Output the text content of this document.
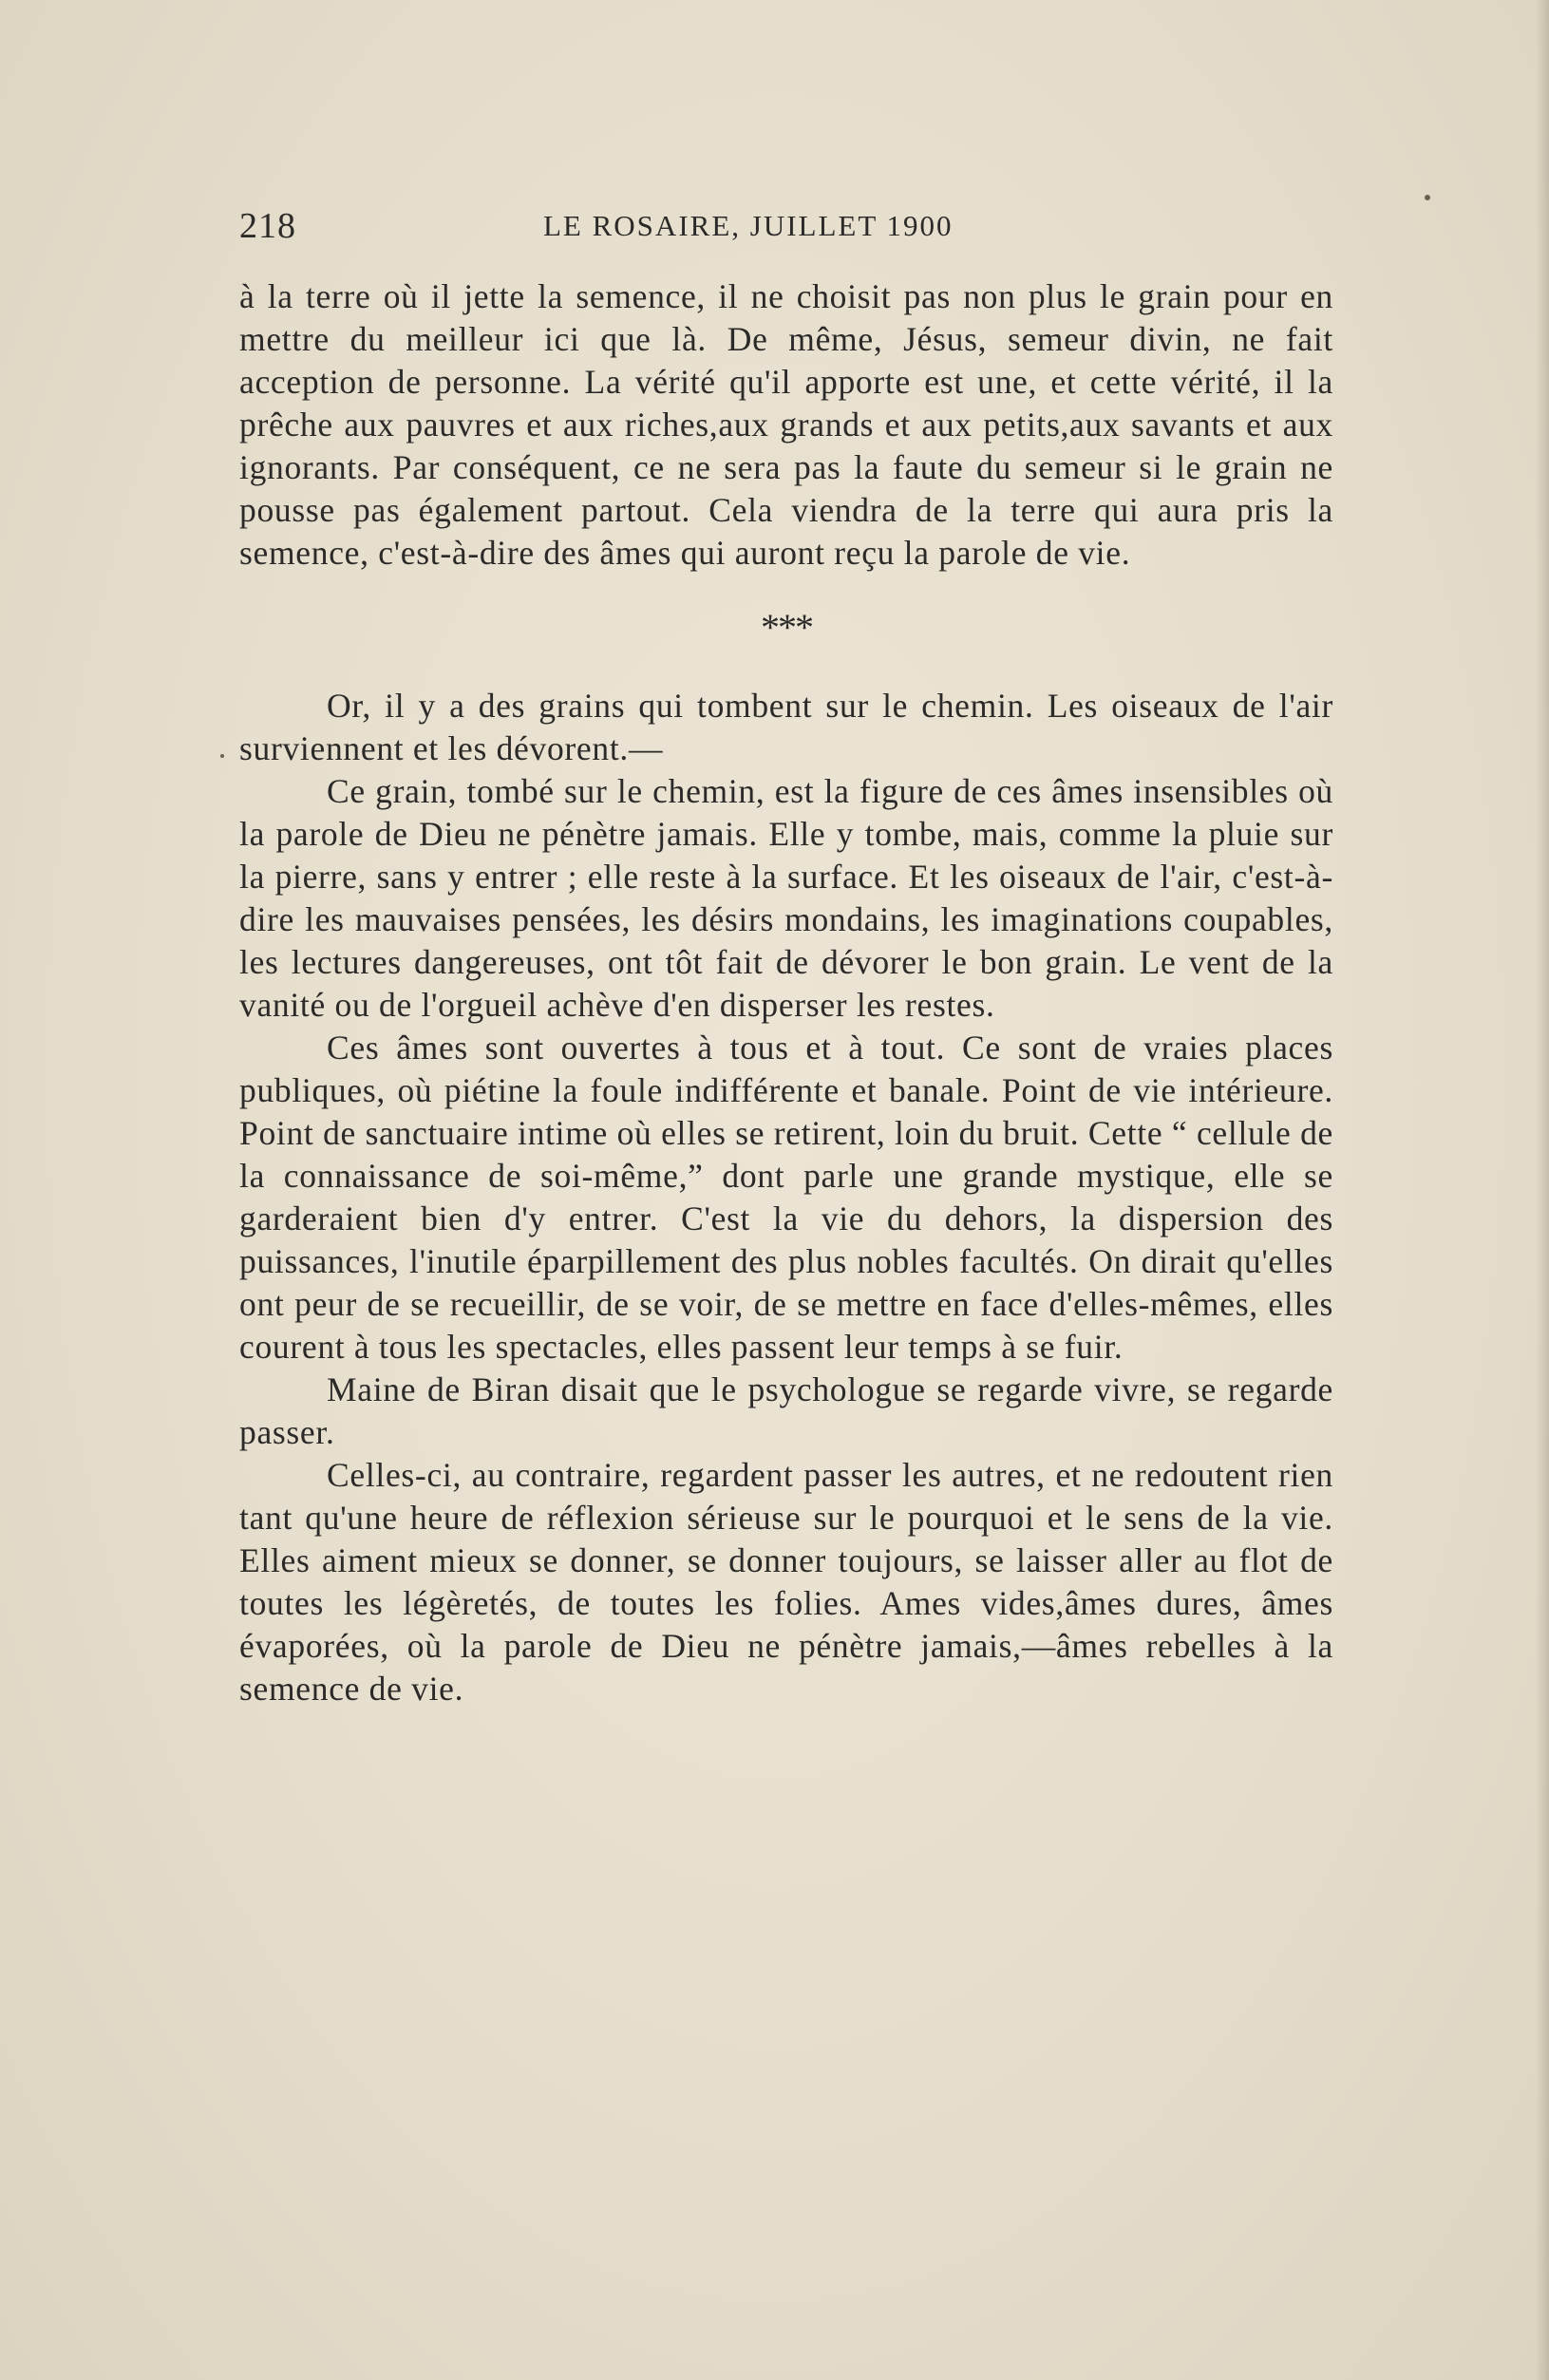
218	LE ROSAIRE, JUILLET 1900

à la terre où il jette la semence, il ne choisit pas non plus le grain pour en mettre du meilleur ici que là. De même, Jésus, semeur divin, ne fait acception de personne. La vérité qu'il apporte est une, et cette vérité, il la prêche aux pauvres et aux riches,aux grands et aux petits,aux savants et aux ignorants. Par conséquent, ce ne sera pas la faute du semeur si le grain ne pousse pas également partout. Cela viendra de la terre qui aura pris la semence, c'est-à-dire des âmes qui auront reçu la parole de vie.

***

Or, il y a des grains qui tombent sur le chemin. Les oiseaux de l'air surviennent et les dévorent.—

Ce grain, tombé sur le chemin, est la figure de ces âmes insensibles où la parole de Dieu ne pénètre jamais. Elle y tombe, mais, comme la pluie sur la pierre, sans y entrer ; elle reste à la surface. Et les oiseaux de l'air, c'est-à-dire les mauvaises pensées, les désirs mondains, les imaginations coupables, les lectures dangereuses, ont tôt fait de dévorer le bon grain. Le vent de la vanité ou de l'orgueil achève d'en disperser les restes.

Ces âmes sont ouvertes à tous et à tout. Ce sont de vraies places publiques, où piétine la foule indifférente et banale. Point de vie intérieure. Point de sanctuaire intime où elles se retirent, loin du bruit. Cette “ cellule de la connaissance de soi-même,” dont parle une grande mystique, elle se garderaient bien d'y entrer. C'est la vie du dehors, la dispersion des puissances, l'inutile éparpillement des plus nobles facultés. On dirait qu'elles ont peur de se recueillir, de se voir, de se mettre en face d'elles-mêmes, elles courent à tous les spectacles, elles passent leur temps à se fuir.

Maine de Biran disait que le psychologue se regarde vivre, se regarde passer.

Celles-ci, au contraire, regardent passer les autres, et ne redoutent rien tant qu'une heure de réflexion sérieuse sur le pourquoi et le sens de la vie. Elles aiment mieux se donner, se donner toujours, se laisser aller au flot de toutes les légèretés, de toutes les folies. Ames vides,âmes dures, âmes évaporées, où la parole de Dieu ne pénètre jamais,—âmes rebelles à la semence de vie.
